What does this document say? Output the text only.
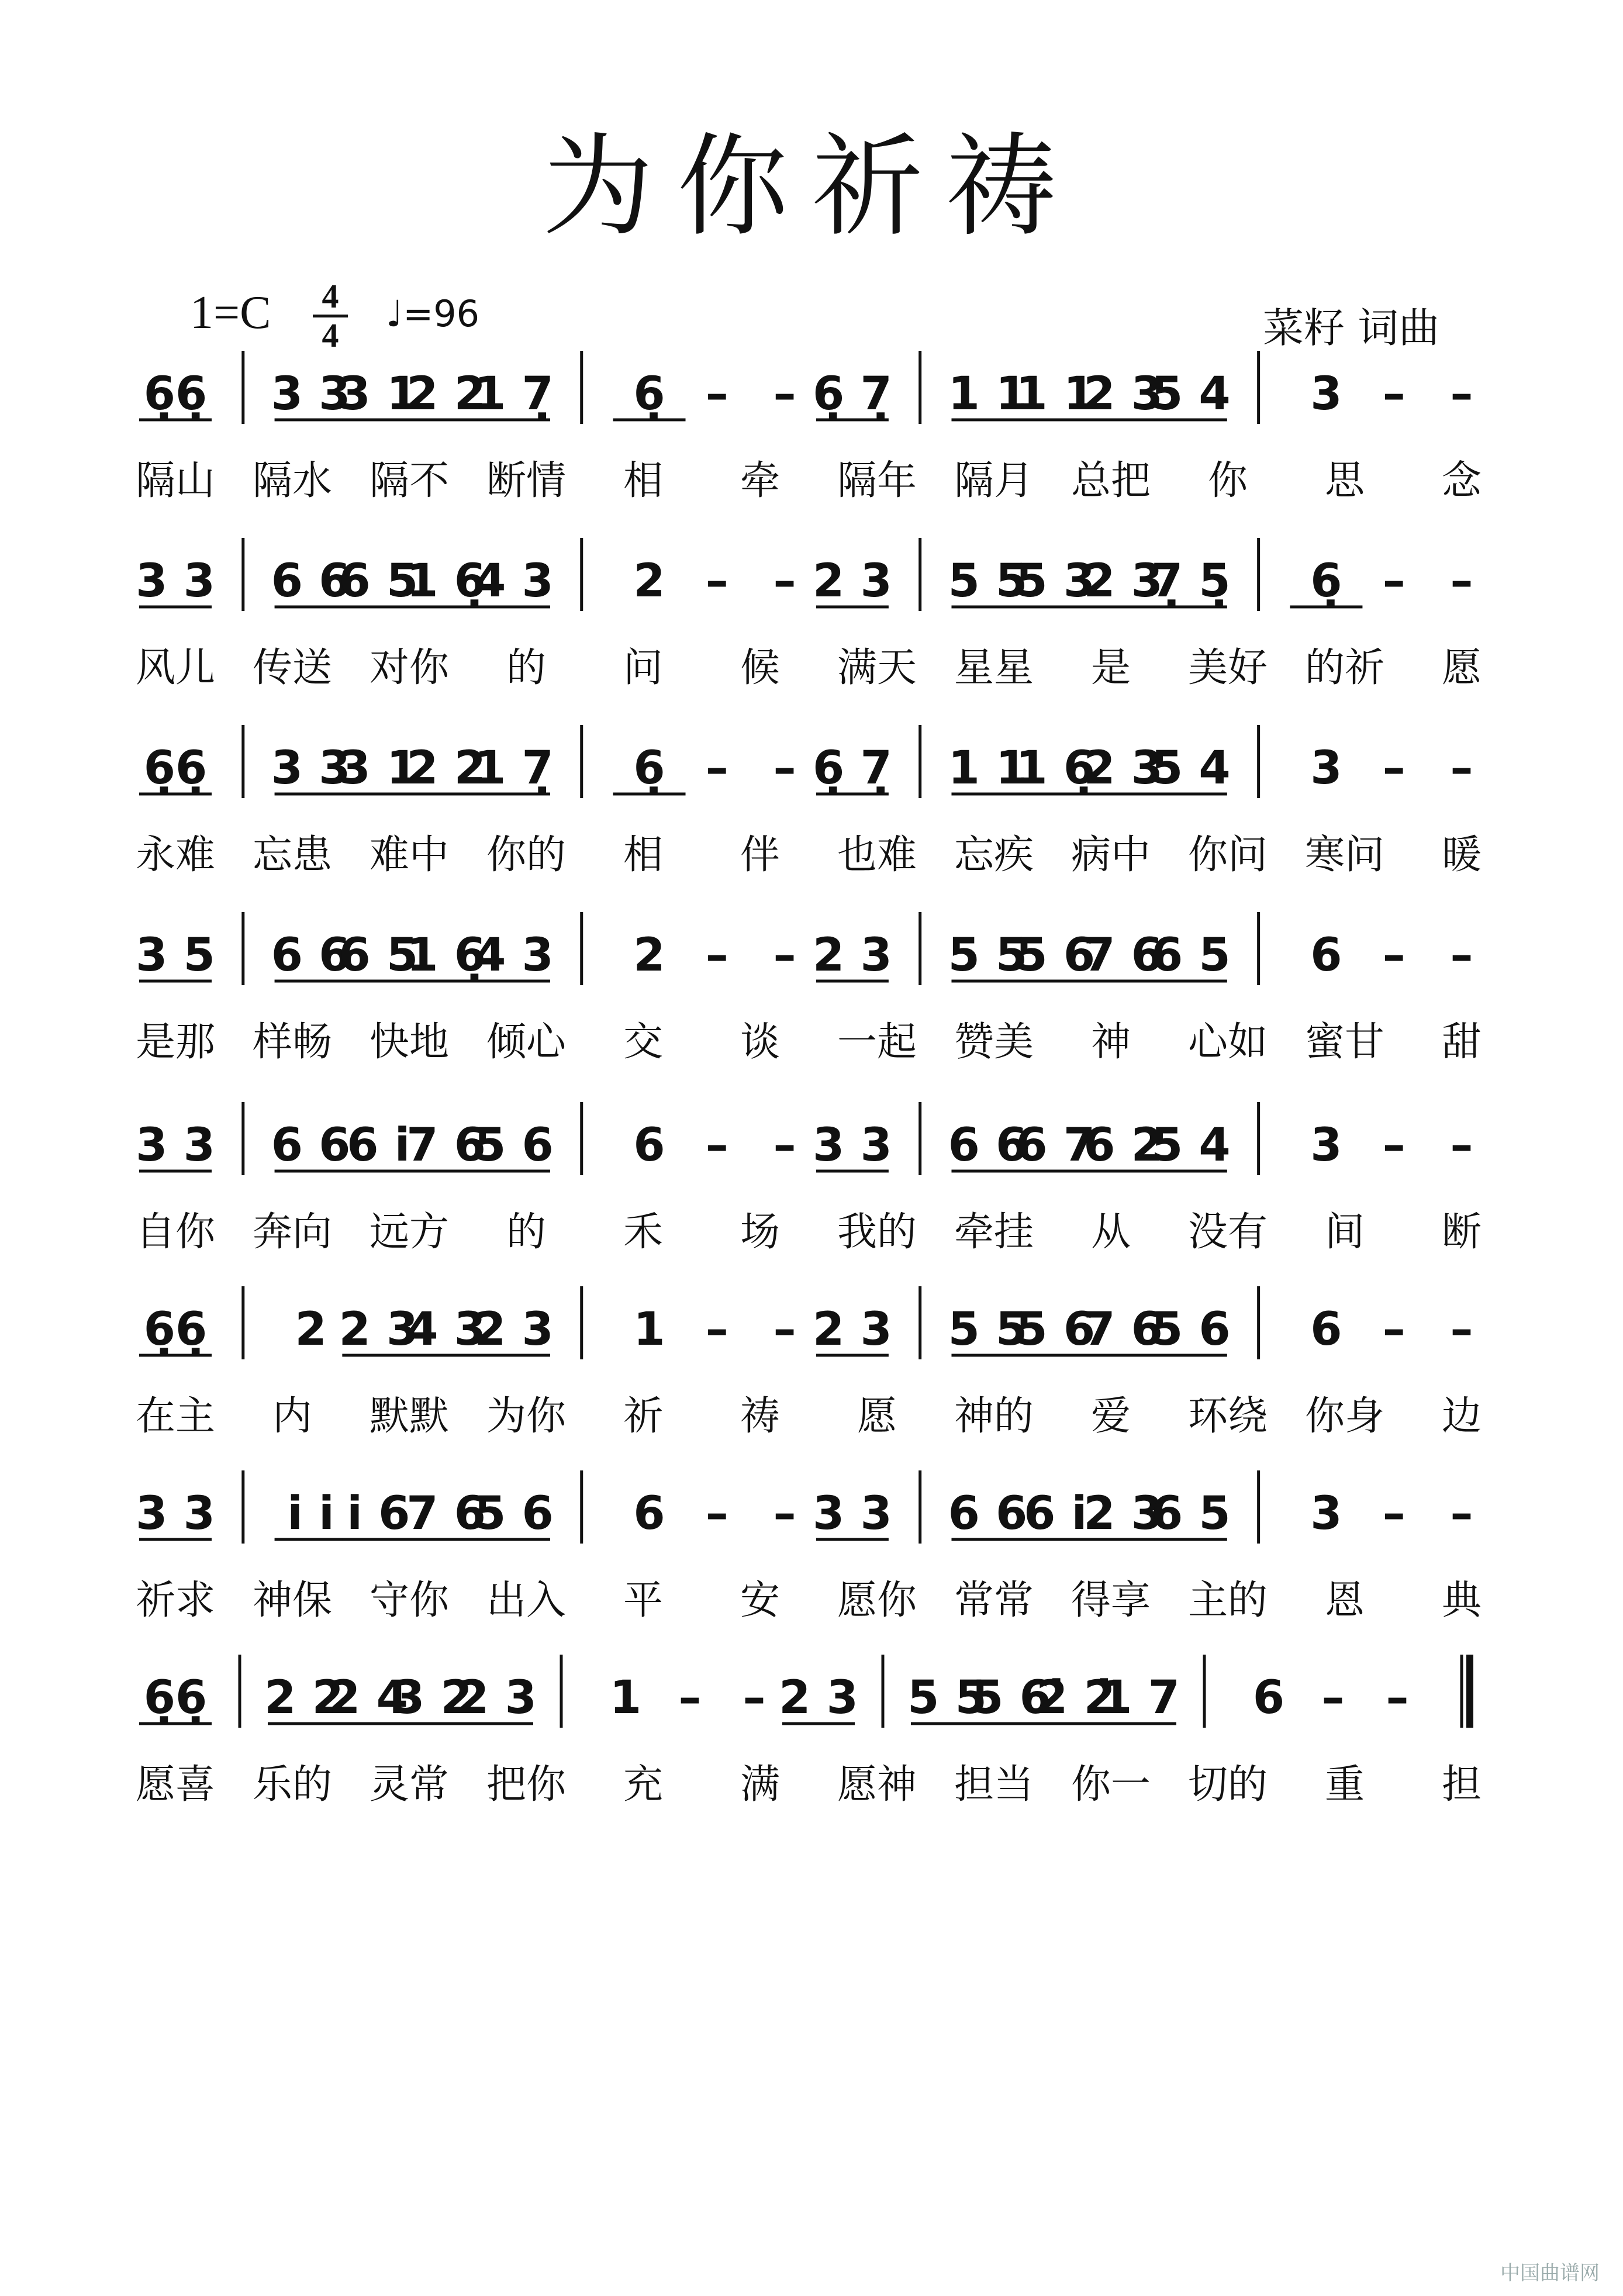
为你祈祷
1=C 4
4
♩=96	菜籽 词曲
6̣6̣ 3 3
3 1
2 2
1 7̣ 6̣ – – 6̣ 7̣ 1 1
1 1
2 3
5 4 3 – –
隔山 隔水 隔不 断情 相 牵 隔年 隔月 总把 你 思 念
3 3 6 6
6 5
1 6̣
4 3 2 – – 2 3 5 5
5 3
2 3
7̣ 5̣ 6̣ – –
风儿 传送 对你 的 问 候 满天 星星 是 美好 的祈 愿
6̣6̣ 3 3
3 1
2 2
1 7̣ 6̣ – – 6̣ 7̣ 1 1
1 6̣
2 3
5 4 3 – –
永难 忘患 难中 你的 相 伴 也难 忘疾 病中 你问 寒问 暖
3 5 6 6
6 5
1 6̣
4 3 2 – – 2 3 5 5
5 6
7 6
6 5 6 – –
是那 样畅 快地 倾心 交 谈 一起 赞美 神 心如 蜜甘 甜
3 3 6 6
6 i̇
7 6
5 6 6 – – 3 3 6 6
6 7
6 2
5 4 3 – –
自你 奔向 远方 的 禾 场 我的 牵挂 从 没有 间 断
6̣6̣ 2 2 3
4 3
2 3 1 – – 2 3 5 5
5 6
7 6
5 6 6 – –
在主 内 默默 为你 祈 祷 愿 神的 爱 环绕 你身 边
3 3 i̇ i̇ i̇ 6
7 6
5 6 6 – – 3 3 6 6
6 i̇
2 3
6 5 3 – –
祈求 神保 守你 出入 平 安 愿你 常常 得享 主的 恩 典
6̣6̣ 2 2
2 4
3 2
2 3 1 – – 2 3 5 5
5 6
2̇ 2̇
1 7 6 – –
愿喜 乐的 灵常 把你 充 满 愿神 担当 你一 切的 重 担
中国曲谱网
